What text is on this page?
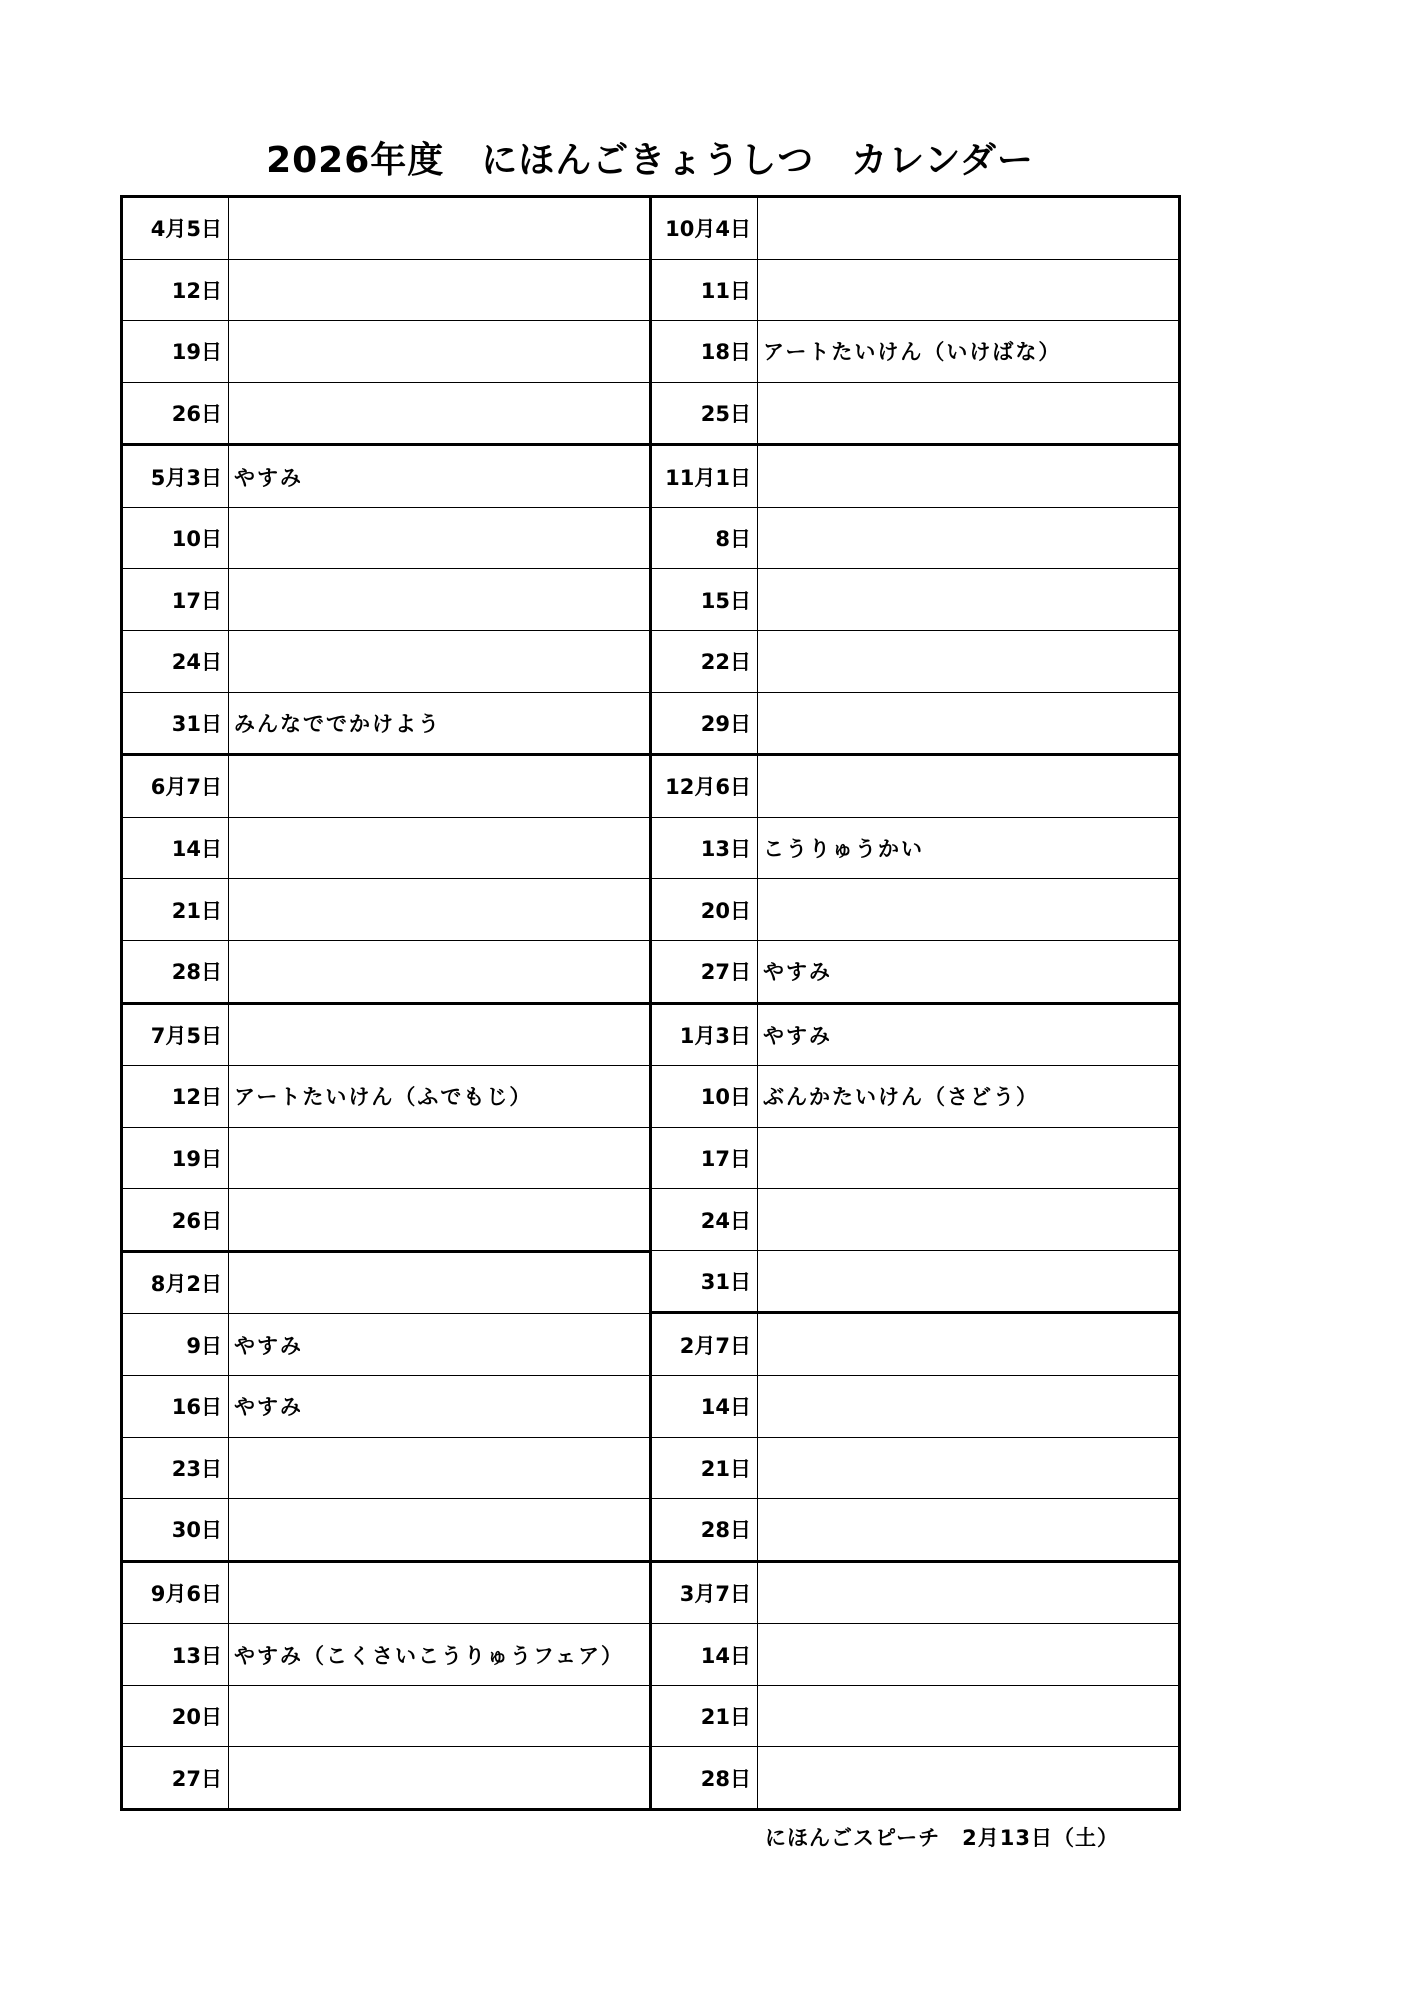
2026年度　にほんごきょうしつ　カレンダー
4月5日
12日
19日
26日
5月3日 やすみ
10日
17日
24日
31日 みんなででかけよう
6月7日
14日
21日
28日
7月5日
12日 アートたいけん（ふでもじ）
19日
26日
8月2日
9日 やすみ
16日 やすみ
23日
30日
9月6日
13日 やすみ（こくさいこうりゅうフェア）
20日
27日
10月4日
11日
18日 アートたいけん（いけばな）
25日
11月1日
8日
15日
22日
29日
12月6日
13日 こうりゅうかい
20日
27日 やすみ
1月3日 やすみ
10日 ぶんかたいけん（さどう）
17日
24日
31日
2月7日
14日
21日
28日
3月7日
14日
21日
28日
にほんごスピーチ　2月13日（土）
